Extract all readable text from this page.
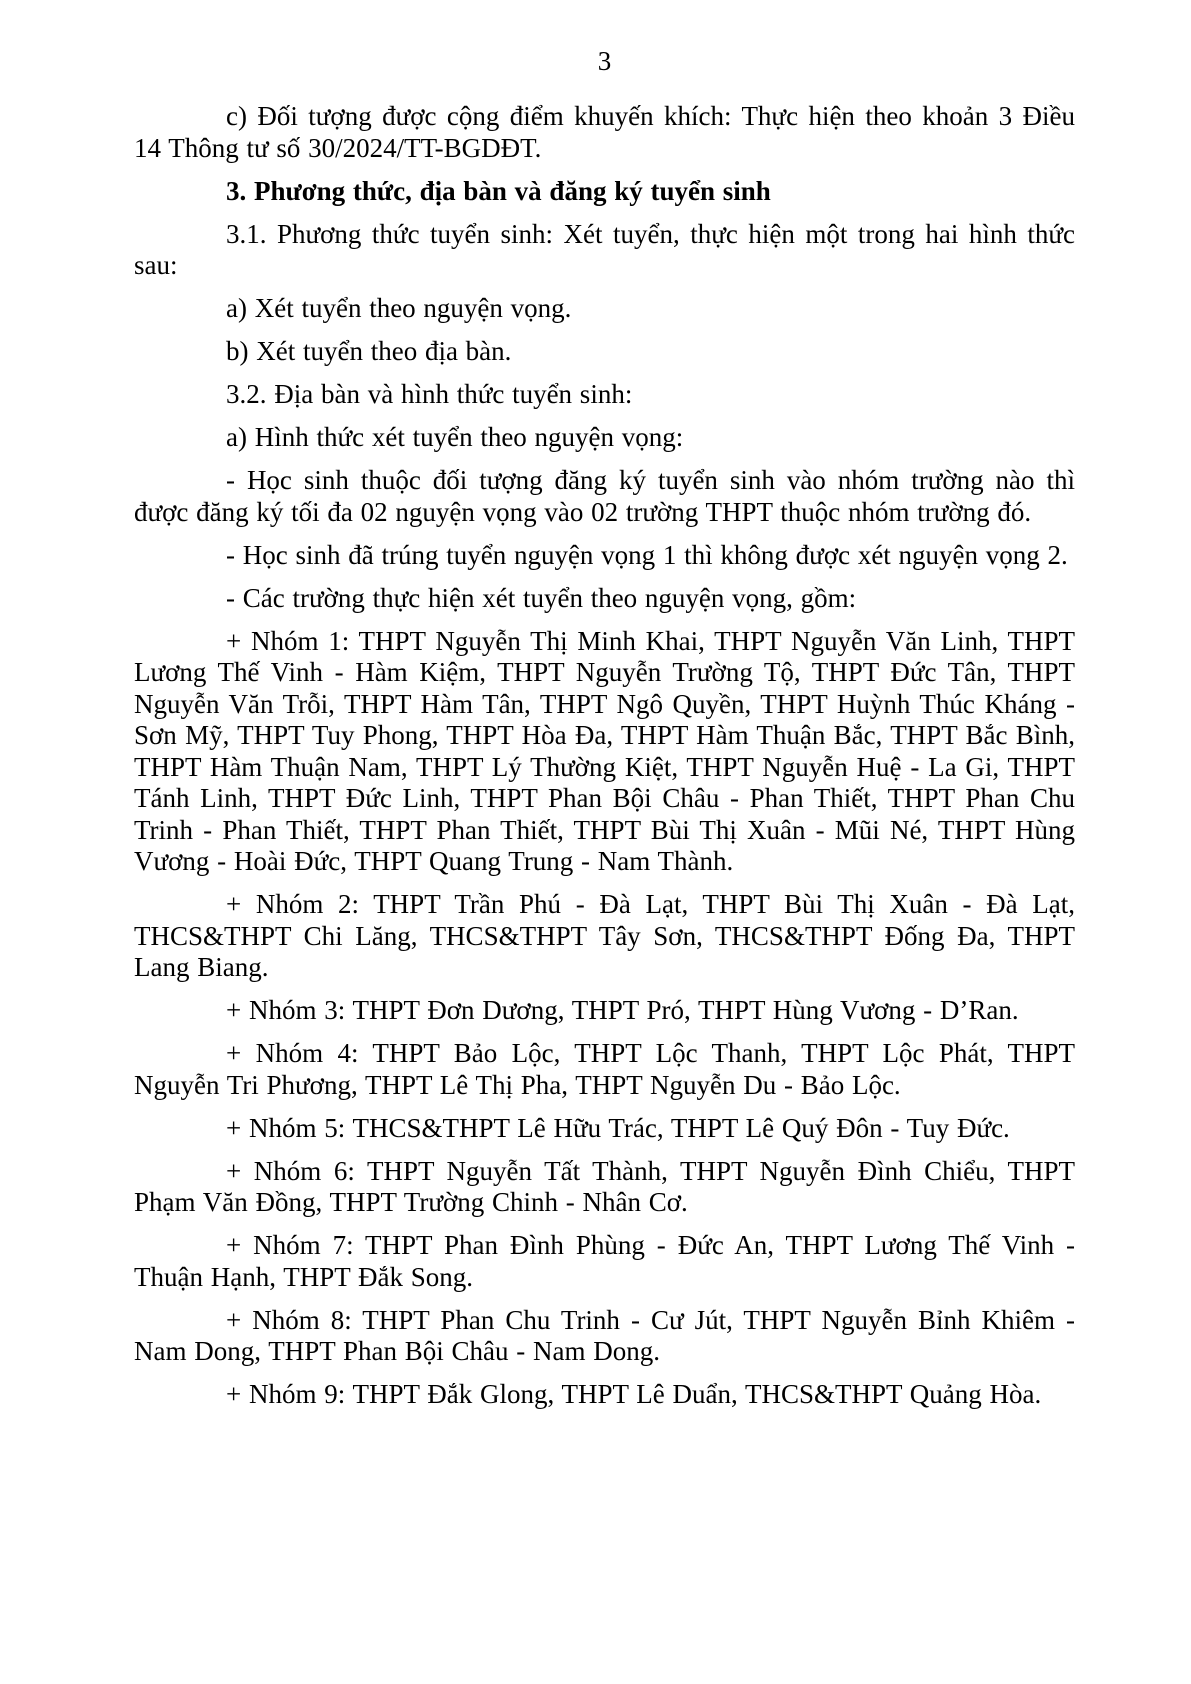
3

c) Đối tượng được cộng điểm khuyến khích: Thực hiện theo khoản 3 Điều 14 Thông tư số 30/2024/TT-BGDĐT.

3. Phương thức, địa bàn và đăng ký tuyển sinh

3.1. Phương thức tuyển sinh: Xét tuyển, thực hiện một trong hai hình thức sau:

a) Xét tuyển theo nguyện vọng.

b) Xét tuyển theo địa bàn.

3.2. Địa bàn và hình thức tuyển sinh:

a) Hình thức xét tuyển theo nguyện vọng:

- Học sinh thuộc đối tượng đăng ký tuyển sinh vào nhóm trường nào thì được đăng ký tối đa 02 nguyện vọng vào 02 trường THPT thuộc nhóm trường đó.

- Học sinh đã trúng tuyển nguyện vọng 1 thì không được xét nguyện vọng 2.

- Các trường thực hiện xét tuyển theo nguyện vọng, gồm:

+ Nhóm 1: THPT Nguyễn Thị Minh Khai, THPT Nguyễn Văn Linh, THPT Lương Thế Vinh - Hàm Kiệm, THPT Nguyễn Trường Tộ, THPT Đức Tân, THPT Nguyễn Văn Trỗi, THPT Hàm Tân, THPT Ngô Quyền, THPT Huỳnh Thúc Kháng - Sơn Mỹ, THPT Tuy Phong, THPT Hòa Đa, THPT Hàm Thuận Bắc, THPT Bắc Bình, THPT Hàm Thuận Nam, THPT Lý Thường Kiệt, THPT Nguyễn Huệ - La Gi, THPT Tánh Linh, THPT Đức Linh, THPT Phan Bội Châu - Phan Thiết, THPT Phan Chu Trinh - Phan Thiết, THPT Phan Thiết, THPT Bùi Thị Xuân - Mũi Né, THPT Hùng Vương - Hoài Đức, THPT Quang Trung - Nam Thành.

+ Nhóm 2: THPT Trần Phú - Đà Lạt, THPT Bùi Thị Xuân - Đà Lạt, THCS&THPT Chi Lăng, THCS&THPT Tây Sơn, THCS&THPT Đống Đa, THPT Lang Biang.

+ Nhóm 3: THPT Đơn Dương, THPT Pró, THPT Hùng Vương - D’Ran.

+ Nhóm 4: THPT Bảo Lộc, THPT Lộc Thanh, THPT Lộc Phát, THPT Nguyễn Tri Phương, THPT Lê Thị Pha, THPT Nguyễn Du - Bảo Lộc.

+ Nhóm 5: THCS&THPT Lê Hữu Trác, THPT Lê Quý Đôn - Tuy Đức.

+ Nhóm 6: THPT Nguyễn Tất Thành, THPT Nguyễn Đình Chiểu, THPT Phạm Văn Đồng, THPT Trường Chinh - Nhân Cơ.

+ Nhóm 7: THPT Phan Đình Phùng - Đức An, THPT Lương Thế Vinh - Thuận Hạnh, THPT Đắk Song.

+ Nhóm 8: THPT Phan Chu Trinh - Cư Jút, THPT Nguyễn Bỉnh Khiêm - Nam Dong, THPT Phan Bội Châu - Nam Dong.

+ Nhóm 9: THPT Đắk Glong, THPT Lê Duẩn, THCS&THPT Quảng Hòa.
